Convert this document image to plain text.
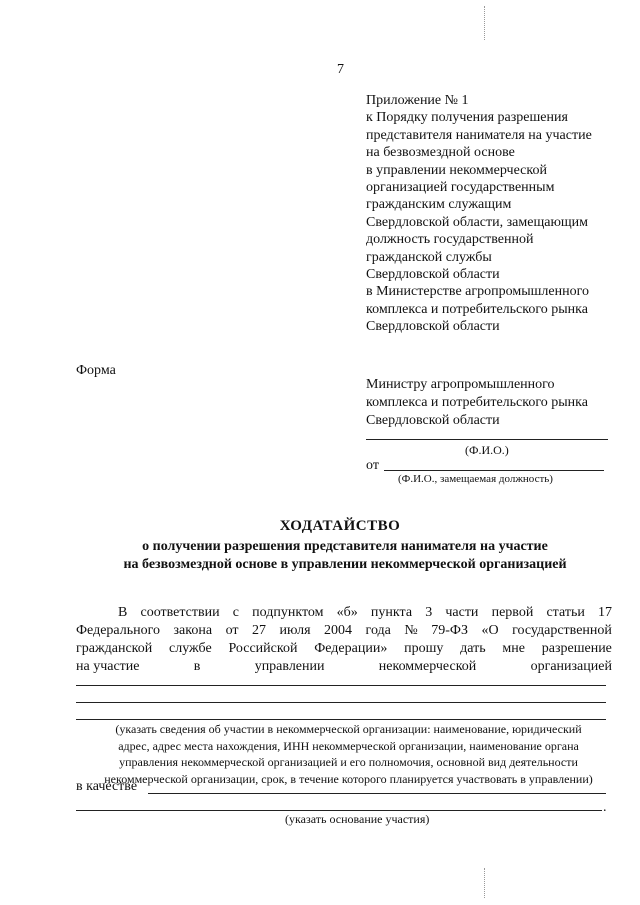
7
Приложение № 1
к Порядку получения разрешения
представителя нанимателя на участие
на безвозмездной основе
в управлении некоммерческой
организацией государственным
гражданским служащим
Свердловской области, замещающим
должность государственной
гражданской службы
Свердловской области
в Министерстве агропромышленного
комплекса и потребительского рынка
Свердловской области
Форма
Министру агропромышленного
комплекса и потребительского рынка
Свердловской области
(Ф.И.О.)
от
(Ф.И.О., замещаемая должность)
ХОДАТАЙСТВО
о получении разрешения представителя нанимателя на участие
на безвозмездной основе в управлении некоммерческой организацией
В соответствии с подпунктом «б» пункта 3 части первой статьи 17
Федерального закона от 27 июля 2004 года № 79-ФЗ «О государственной
гражданской службе Российской Федерации» прошу дать мне разрешение
на участие	в	управлении	некоммерческой	организацией
(указать сведения об участии в некоммерческой организации: наименование, юридический
адрес, адрес места нахождения, ИНН некоммерческой организации, наименование органа
управления некоммерческой организацией и его полномочия, основной вид деятельности
некоммерческой организации, срок, в течение которого планируется участвовать в управлении)
в качестве
.
(указать основание участия)
